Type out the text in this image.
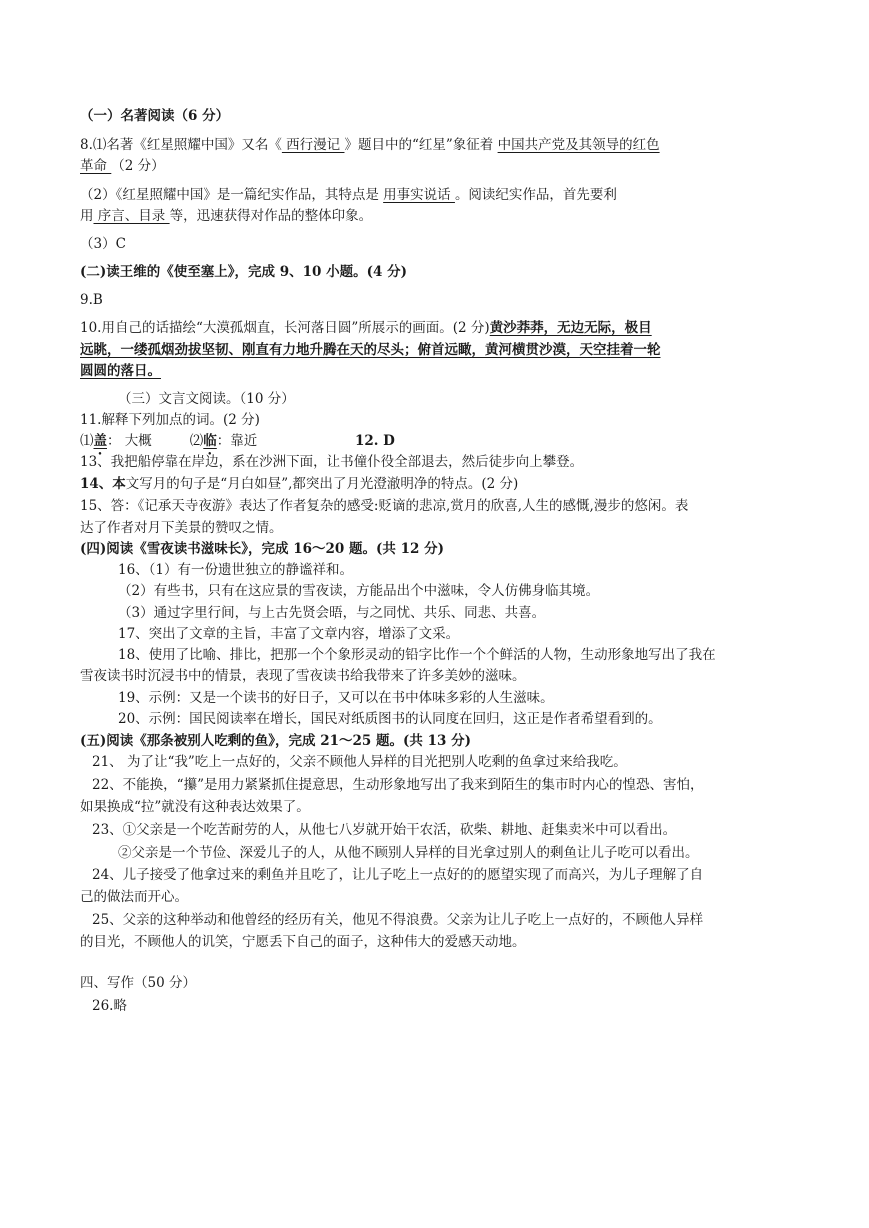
（一）名著阅读（6 分）
8.⑴名著《红星照耀中国》又名《 西行漫记 》题目中的“红星”象征着 中国共产党及其领导的红色
革命 （2 分）
（2）《红星照耀中国》是一篇纪实作品，其特点是 用事实说话 。阅读纪实作品，首先要利
用 序言、目录 等，迅速获得对作品的整体印象。
（3）C
(二)读王维的《使至塞上》，完成 9、10 小题。(4 分)
9.B
10.用自己的话描绘“大漠孤烟直，长河落日圆”所展示的画面。(2 分)黄沙莽莽，无边无际，极目
远眺，一缕孤烟劲拔坚韧、刚直有力地升腾在天的尽头；俯首远瞰，黄河横贯沙漠，天空挂着一轮
圆圆的落日。
（三）文言文阅读。（10 分）
11.解释下列加点的词。(2 分)
⑴盖： 大概	⑵临：靠近	12. D
13、我把船停靠在岸边，系在沙洲下面，让书僮仆役全部退去，然后徒步向上攀登。
14、本文写月的句子是“月白如昼”,都突出了月光澄澈明净的特点。(2 分)
15、答：《记承天寺夜游》表达了作者复杂的感受:贬谪的悲凉,赏月的欣喜,人生的感慨,漫步的悠闲。表
达了作者对月下美景的赞叹之情。
(四)阅读《雪夜读书滋味长》，完成 16～20 题。(共 12 分)
16、（1）有一份遗世独立的静谧祥和。
（2）有些书，只有在这应景的雪夜读，方能品出个中滋味，令人仿佛身临其境。
（3）通过字里行间，与上古先贤会晤，与之同忧、共乐、同悲、共喜。
17、突出了文章的主旨，丰富了文章内容，增添了文采。
18、使用了比喻、排比，把那一个个象形灵动的铅字比作一个个鲜活的人物，生动形象地写出了我在
雪夜读书时沉浸书中的情景，表现了雪夜读书给我带来了许多美妙的滋味。
19、示例：又是一个读书的好日子，又可以在书中体味多彩的人生滋味。
20、示例：国民阅读率在增长，国民对纸质图书的认同度在回归，这正是作者希望看到的。
(五)阅读《那条被别人吃剩的鱼》，完成 21～25 题。(共 13 分)
21、 为了让“我”吃上一点好的，父亲不顾他人异样的目光把别人吃剩的鱼拿过来给我吃。
22、不能换，“攥”是用力紧紧抓住提意思，生动形象地写出了我来到陌生的集市时内心的惶恐、害怕，
如果换成“拉”就没有这种表达效果了。
23、①父亲是一个吃苦耐劳的人，从他七八岁就开始干农活，砍柴、耕地、赶集卖米中可以看出。
②父亲是一个节俭、深爱儿子的人，从他不顾别人异样的目光拿过别人的剩鱼让儿子吃可以看出。
24、儿子接受了他拿过来的剩鱼并且吃了，让儿子吃上一点好的的愿望实现了而高兴，为儿子理解了自
己的做法而开心。
25、父亲的这种举动和他曾经的经历有关，他见不得浪费。父亲为让儿子吃上一点好的，不顾他人异样
的目光，不顾他人的讥笑，宁愿丢下自己的面子，这种伟大的爱感天动地。
四、写作（50 分）
26.略
